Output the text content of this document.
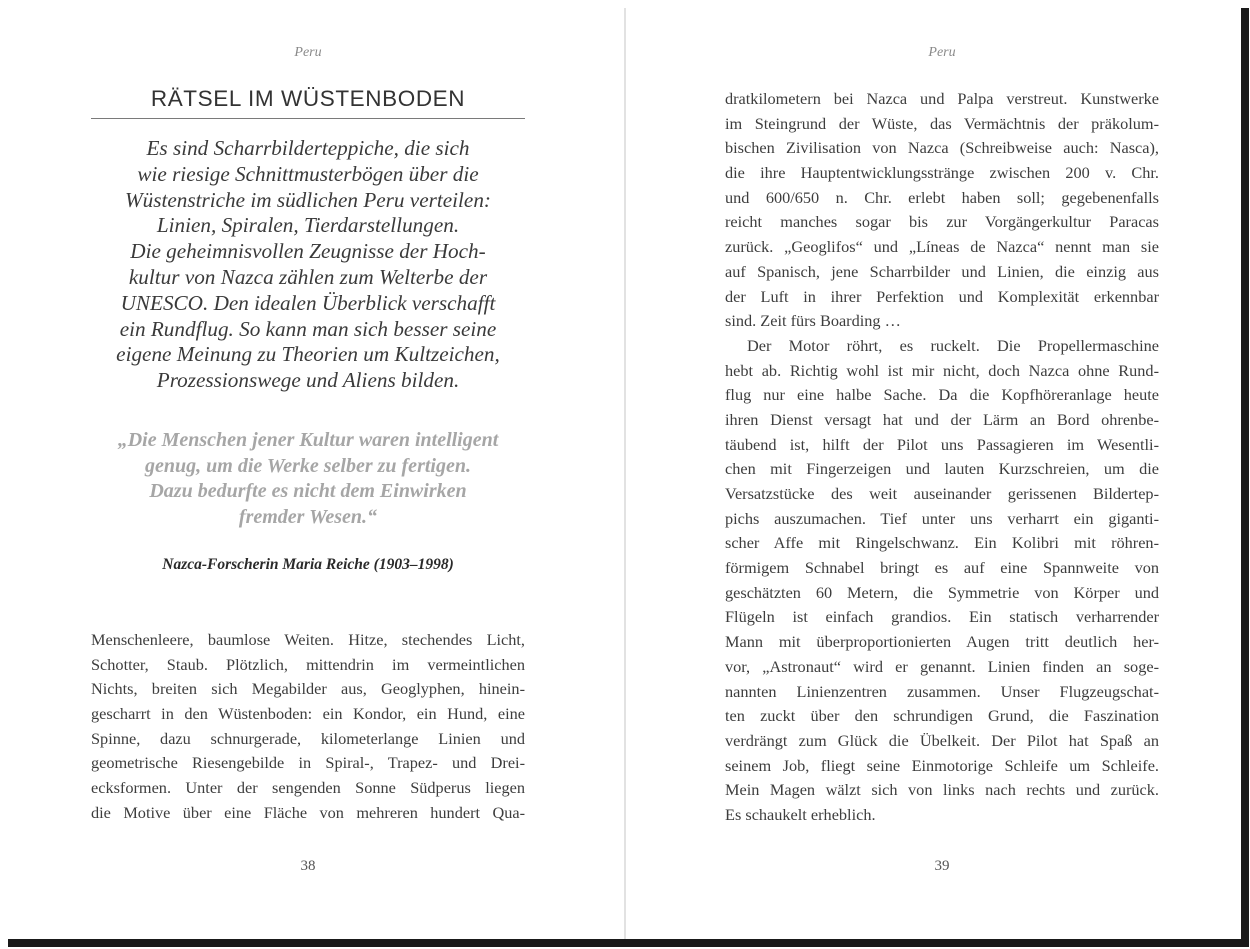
Peru
RÄTSEL IM WÜSTENBODEN
Es sind Scharrbilderteppiche, die sich
wie riesige Schnittmusterbögen über die
Wüstenstriche im südlichen Peru verteilen:
Linien, Spiralen, Tierdarstellungen.
Die geheimnisvollen Zeugnisse der Hoch-
kultur von Nazca zählen zum Welterbe der
UNESCO. Den idealen Überblick verschafft
ein Rundflug. So kann man sich besser seine
eigene Meinung zu Theorien um Kultzeichen,
Prozessionswege und Aliens bilden.
„Die Menschen jener Kultur waren intelligent
genug, um die Werke selber zu fertigen.
Dazu bedurfte es nicht dem Einwirken
fremder Wesen.“
Nazca-Forscherin Maria Reiche (1903–1998)
Menschenleere, baumlose Weiten. Hitze, stechendes Licht,
Schotter, Staub. Plötzlich, mittendrin im vermeintlichen
Nichts, breiten sich Megabilder aus, Geoglyphen, hinein-
gescharrt in den Wüstenboden: ein Kondor, ein Hund, eine
Spinne, dazu schnurgerade, kilometerlange Linien und
geometrische Riesengebilde in Spiral-, Trapez- und Drei-
ecksformen. Unter der sengenden Sonne Südperus liegen
die Motive über eine Fläche von mehreren hundert Qua-
38
Peru
dratkilometern bei Nazca und Palpa verstreut. Kunstwerke
im Steingrund der Wüste, das Vermächtnis der präkolum-
bischen Zivilisation von Nazca (Schreibweise auch: Nasca),
die ihre Hauptentwicklungsstränge zwischen 200 v. Chr.
und 600/650 n. Chr. erlebt haben soll; gegebenenfalls
reicht manches sogar bis zur Vorgängerkultur Paracas
zurück. „Geoglifos“ und „Líneas de Nazca“ nennt man sie
auf Spanisch, jene Scharrbilder und Linien, die einzig aus
der Luft in ihrer Perfektion und Komplexität erkennbar
sind. Zeit fürs Boarding …
Der Motor röhrt, es ruckelt. Die Propellermaschine
hebt ab. Richtig wohl ist mir nicht, doch Nazca ohne Rund-
flug nur eine halbe Sache. Da die Kopfhöreranlage heute
ihren Dienst versagt hat und der Lärm an Bord ohrenbe-
täubend ist, hilft der Pilot uns Passagieren im Wesentli-
chen mit Fingerzeigen und lauten Kurzschreien, um die
Versatzstücke des weit auseinander gerissenen Bildertep-
pichs auszumachen. Tief unter uns verharrt ein giganti-
scher Affe mit Ringelschwanz. Ein Kolibri mit röhren-
förmigem Schnabel bringt es auf eine Spannweite von
geschätzten 60 Metern, die Symmetrie von Körper und
Flügeln ist einfach grandios. Ein statisch verharrender
Mann mit überproportionierten Augen tritt deutlich her-
vor, „Astronaut“ wird er genannt. Linien finden an soge-
nannten Linienzentren zusammen. Unser Flugzeugschat-
ten zuckt über den schrundigen Grund, die Faszination
verdrängt zum Glück die Übelkeit. Der Pilot hat Spaß an
seinem Job, fliegt seine Einmotorige Schleife um Schleife.
Mein Magen wälzt sich von links nach rechts und zurück.
Es schaukelt erheblich.
39
